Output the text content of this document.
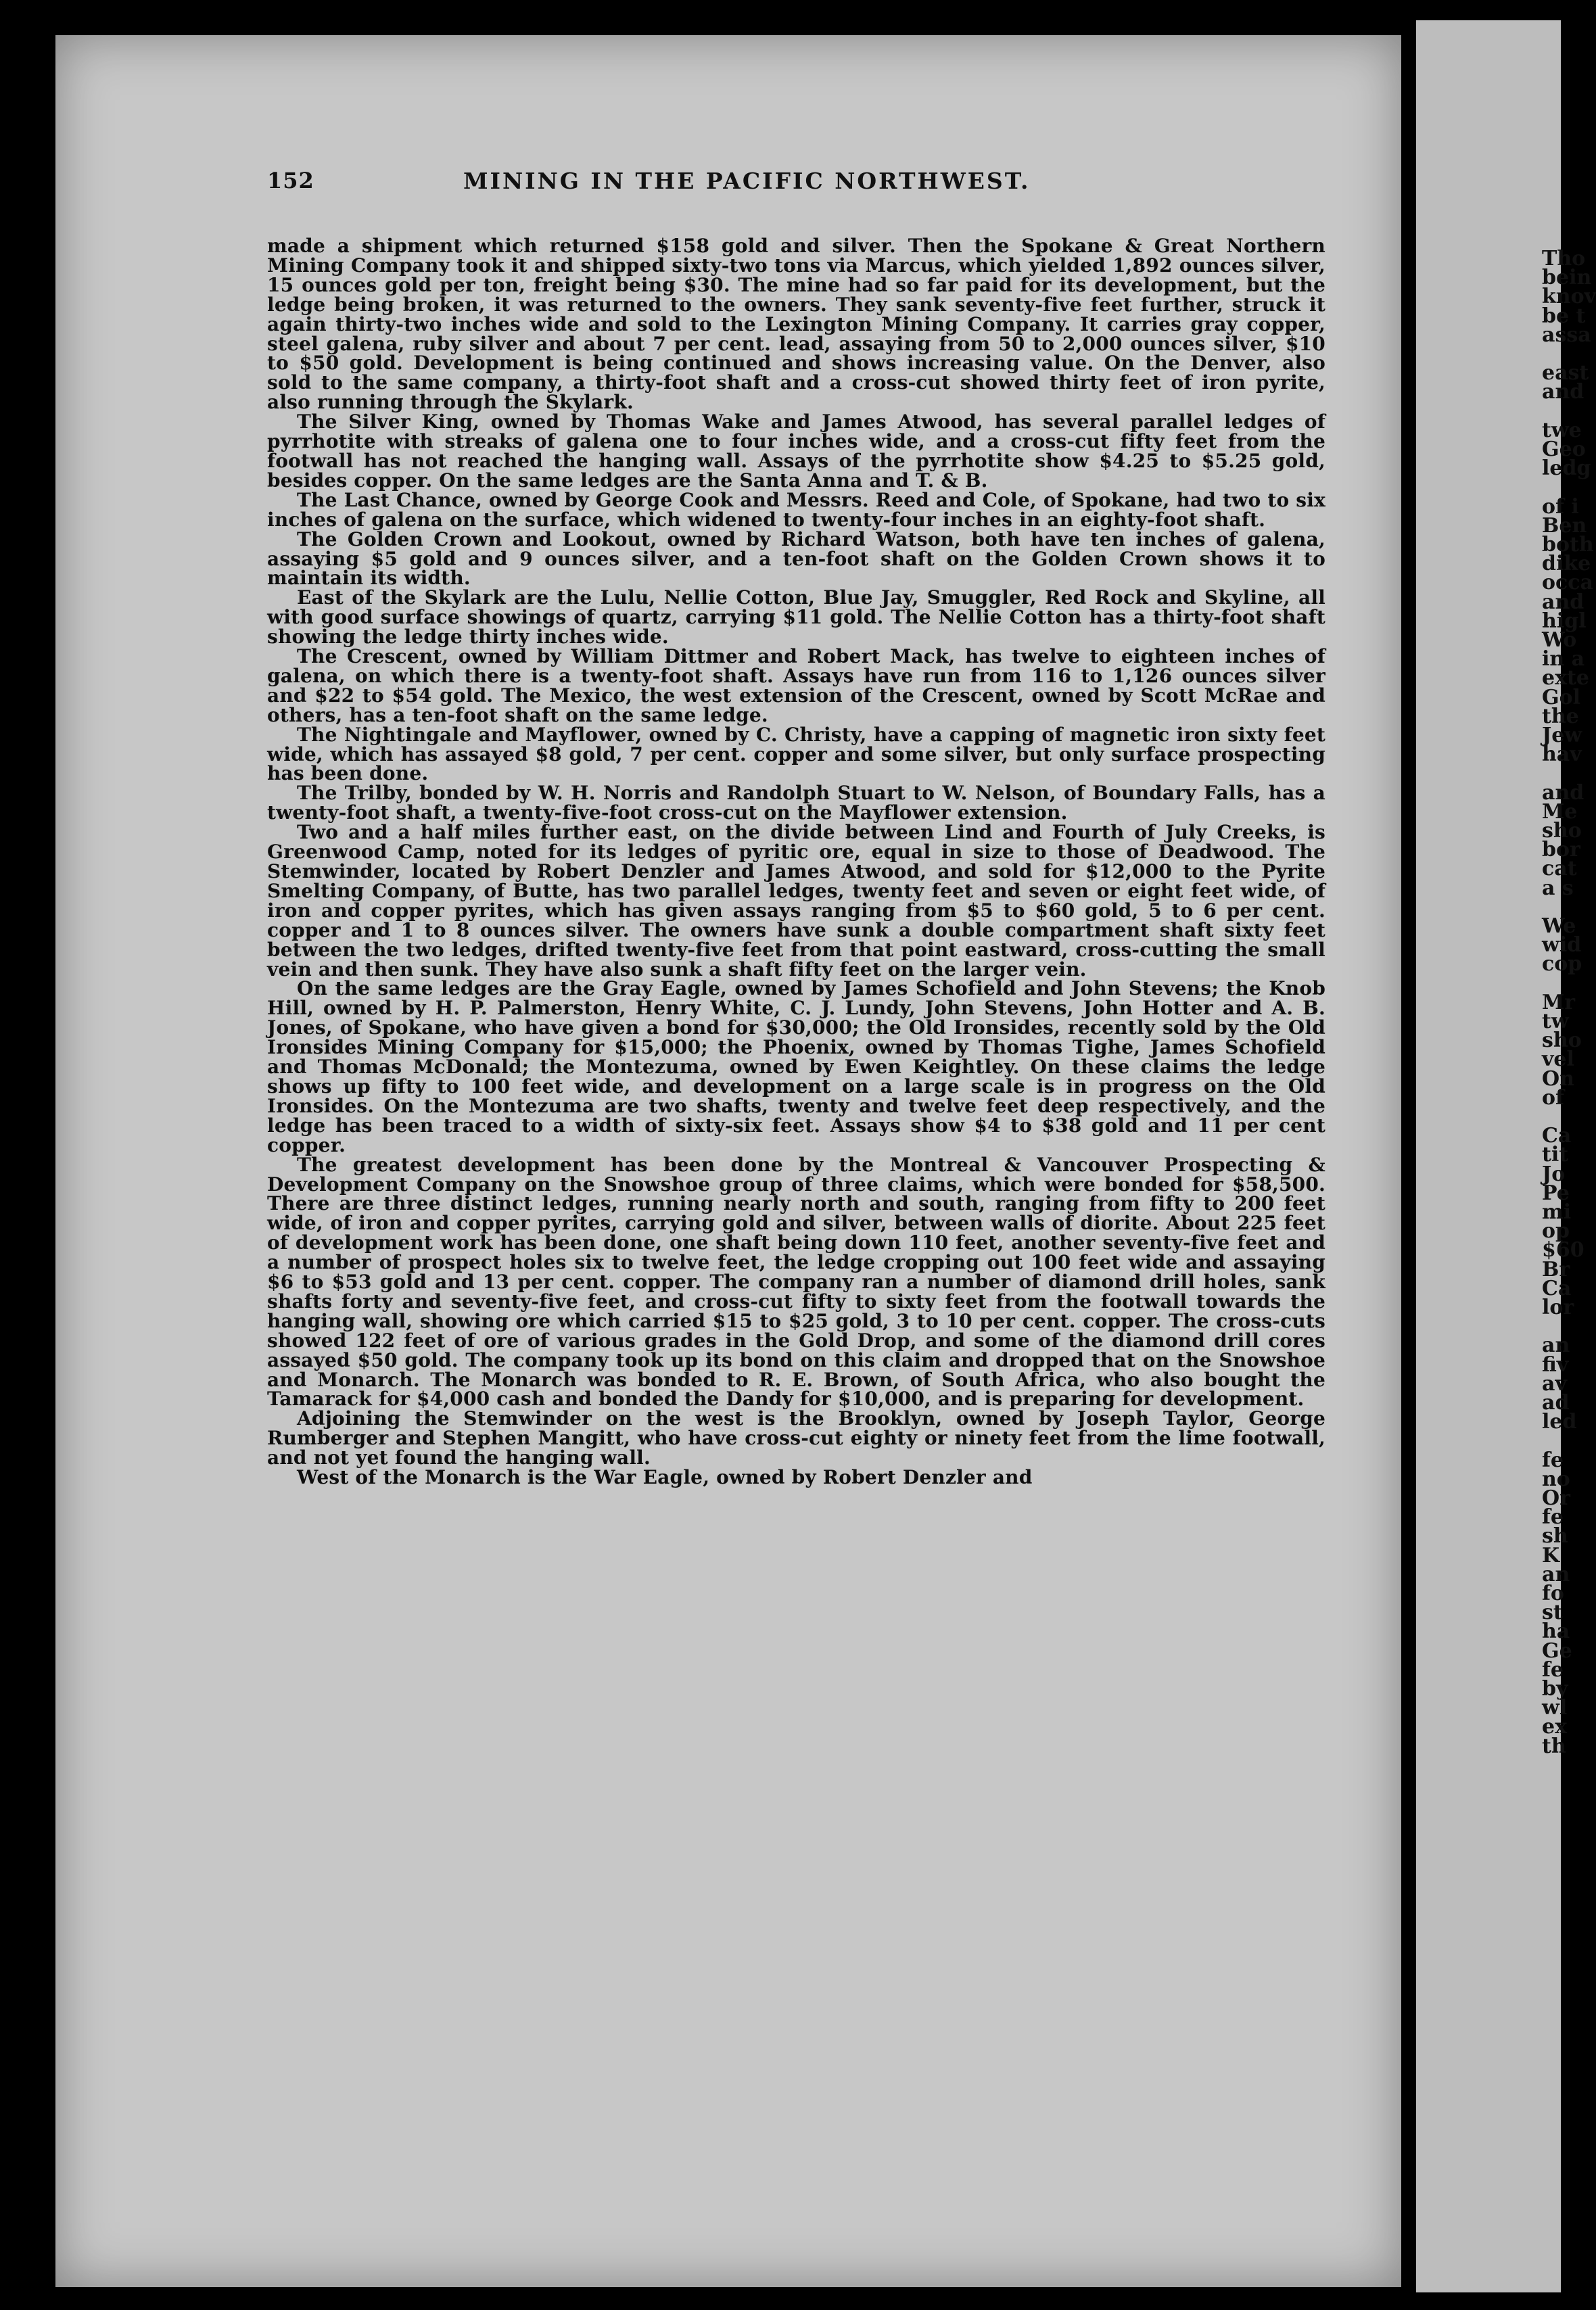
152	MINING IN THE PACIFIC NORTHWEST.

made a shipment which returned $158 gold and silver. Then the Spokane & Great Northern Mining Company took it and shipped sixty-two tons via Marcus, which yielded 1,892 ounces silver, 15 ounces gold per ton, freight being $30. The mine had so far paid for its development, but the ledge being broken, it was returned to the owners. They sank seventy-five feet further, struck it again thirty-two inches wide and sold to the Lexington Mining Company. It carries gray copper, steel galena, ruby silver and about 7 per cent. lead, assaying from 50 to 2,000 ounces silver, $10 to $50 gold. Development is being continued and shows increasing value. On the Denver, also sold to the same company, a thirty-foot shaft and a cross-cut showed thirty feet of iron pyrite, also running through the Skylark.

The Silver King, owned by Thomas Wake and James Atwood, has several parallel ledges of pyrrhotite with streaks of galena one to four inches wide, and a cross-cut fifty feet from the footwall has not reached the hanging wall. Assays of the pyrrhotite show $4.25 to $5.25 gold, besides copper. On the same ledges are the Santa Anna and T. & B.

The Last Chance, owned by George Cook and Messrs. Reed and Cole, of Spokane, had two to six inches of galena on the surface, which widened to twenty-four inches in an eighty-foot shaft.

The Golden Crown and Lookout, owned by Richard Watson, both have ten inches of galena, assaying $5 gold and 9 ounces silver, and a ten-foot shaft on the Golden Crown shows it to maintain its width.

East of the Skylark are the Lulu, Nellie Cotton, Blue Jay, Smuggler, Red Rock and Skyline, all with good surface showings of quartz, carrying $11 gold. The Nellie Cotton has a thirty-foot shaft showing the ledge thirty inches wide.

The Crescent, owned by William Dittmer and Robert Mack, has twelve to eighteen inches of galena, on which there is a twenty-foot shaft. Assays have run from 116 to 1,126 ounces silver and $22 to $54 gold. The Mexico, the west extension of the Crescent, owned by Scott McRae and others, has a ten-foot shaft on the same ledge.

The Nightingale and Mayflower, owned by C. Christy, have a capping of magnetic iron sixty feet wide, which has assayed $8 gold, 7 per cent. copper and some silver, but only surface prospecting has been done.

The Trilby, bonded by W. H. Norris and Randolph Stuart to W. Nelson, of Boundary Falls, has a twenty-foot shaft, a twenty-five-foot cross-cut on the Mayflower extension.

Two and a half miles further east, on the divide between Lind and Fourth of July Creeks, is Greenwood Camp, noted for its ledges of pyritic ore, equal in size to those of Deadwood. The Stemwinder, located by Robert Denzler and James Atwood, and sold for $12,000 to the Pyrite Smelting Company, of Butte, has two parallel ledges, twenty feet and seven or eight feet wide, of iron and copper pyrites, which has given assays ranging from $5 to $60 gold, 5 to 6 per cent. copper and 1 to 8 ounces silver. The owners have sunk a double compartment shaft sixty feet between the two ledges, drifted twenty-five feet from that point eastward, cross-cutting the small vein and then sunk. They have also sunk a shaft fifty feet on the larger vein.

On the same ledges are the Gray Eagle, owned by James Schofield and John Stevens; the Knob Hill, owned by H. P. Palmerston, Henry White, C. J. Lundy, John Stevens, John Hotter and A. B. Jones, of Spokane, who have given a bond for $30,000; the Old Ironsides, recently sold by the Old Ironsides Mining Company for $15,000; the Phoenix, owned by Thomas Tighe, James Schofield and Thomas McDonald; the Montezuma, owned by Ewen Keightley. On these claims the ledge shows up fifty to 100 feet wide, and development on a large scale is in progress on the Old Ironsides. On the Montezuma are two shafts, twenty and twelve feet deep respectively, and the ledge has been traced to a width of sixty-six feet. Assays show $4 to $38 gold and 11 per cent copper.

The greatest development has been done by the Montreal & Vancouver Prospecting & Development Company on the Snowshoe group of three claims, which were bonded for $58,500. There are three distinct ledges, running nearly north and south, ranging from fifty to 200 feet wide, of iron and copper pyrites, carrying gold and silver, between walls of diorite. About 225 feet of development work has been done, one shaft being down 110 feet, another seventy-five feet and a number of prospect holes six to twelve feet, the ledge cropping out 100 feet wide and assaying $6 to $53 gold and 13 per cent. copper. The company ran a number of diamond drill holes, sank shafts forty and seventy-five feet, and cross-cut fifty to sixty feet from the footwall towards the hanging wall, showing ore which carried $15 to $25 gold, 3 to 10 per cent. copper. The cross-cuts showed 122 feet of ore of various grades in the Gold Drop, and some of the diamond drill cores assayed $50 gold. The company took up its bond on this claim and dropped that on the Snowshoe and Monarch. The Monarch was bonded to R. E. Brown, of South Africa, who also bought the Tamarack for $4,000 cash and bonded the Dandy for $10,000, and is preparing for development.

Adjoining the Stemwinder on the west is the Brooklyn, owned by Joseph Taylor, George Rumberger and Stephen Mangitt, who have cross-cut eighty or ninety feet from the lime footwall, and not yet found the hanging wall.

West of the Monarch is the War Eagle, owned by Robert Denzler and

Tho
bein
knov
be t
assa
east
and
twe
Geo
ledg
of i
Ben
both
dike
occa
and
higl
Wo
in a
exte
Gol
the
Jew
hav
and
Me
sho
bor
cat
a s
We
wid
cop
Mr
tw
sho
vel
On
of
Ca
tit
Jo
Pe
mi
op
$60
Br
Ca
lor
an
fiv
av
ad
led
fe
no
Or
fe
sh
K
an
fo
st
ha
Ge
fe
by
wl
ex
th
